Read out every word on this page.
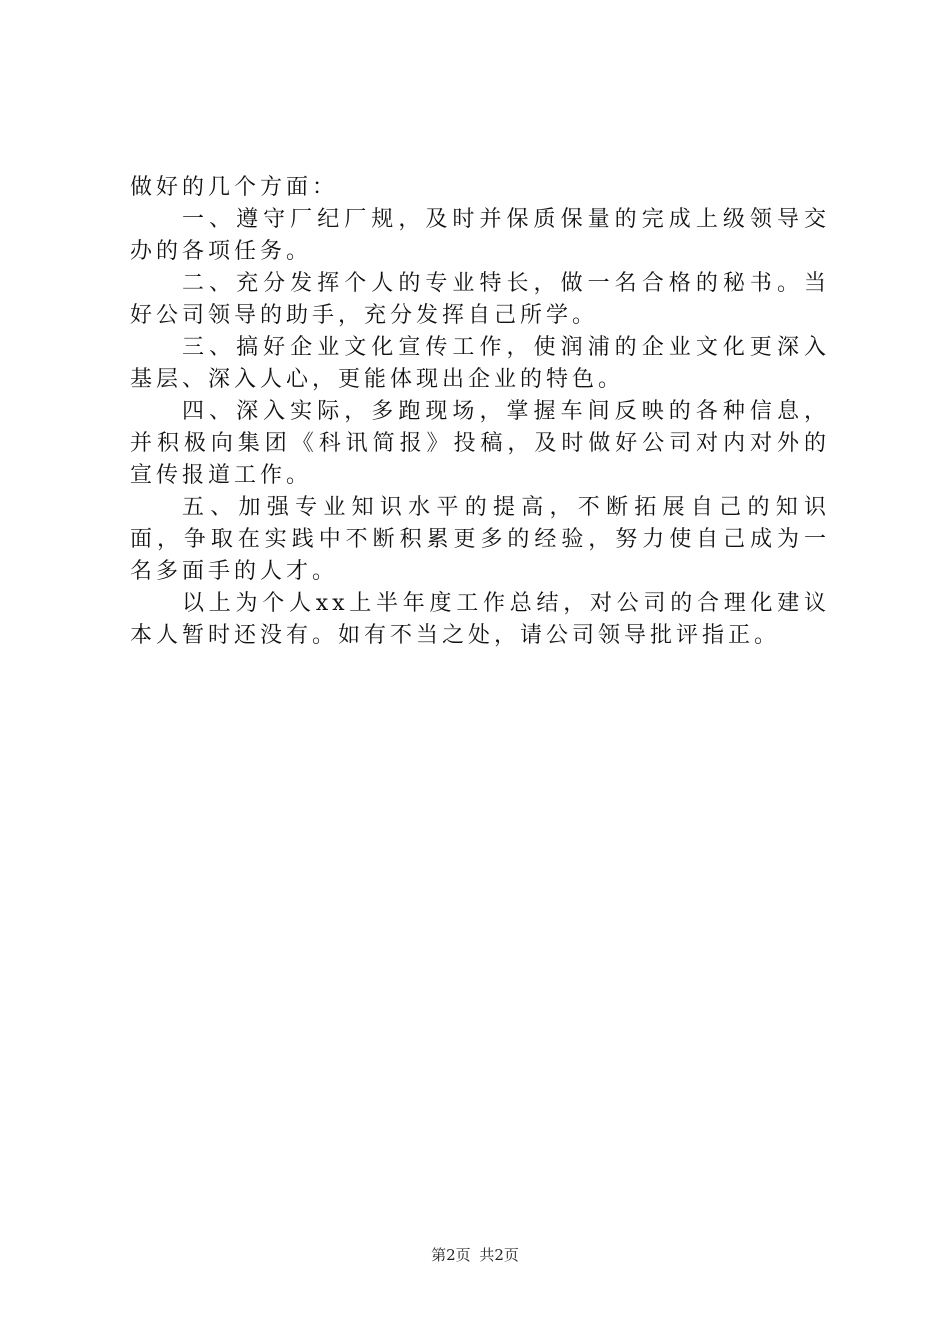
做好的几个方面：

一、遵守厂纪厂规，及时并保质保量的完成上级领导交办的各项任务。

二、充分发挥个人的专业特长，做一名合格的秘书。当好公司领导的助手，充分发挥自己所学。

三、搞好企业文化宣传工作，使润浦的企业文化更深入基层、深入人心，更能体现出企业的特色。

四、深入实际，多跑现场，掌握车间反映的各种信息，并积极向集团《科讯简报》投稿，及时做好公司对内对外的宣传报道工作。

五、加强专业知识水平的提高，不断拓展自己的知识面，争取在实践中不断积累更多的经验，努力使自己成为一名多面手的人才。

以上为个人xx上半年度工作总结，对公司的合理化建议本人暂时还没有。如有不当之处，请公司领导批评指正。

第2页 共2页
